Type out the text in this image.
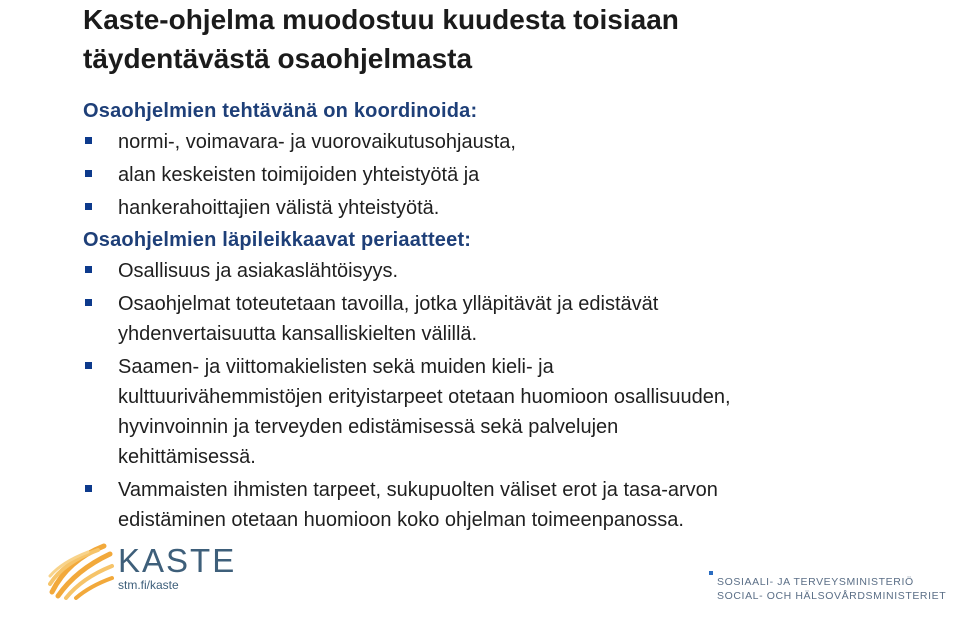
Kaste-ohjelma muodostuu kuudesta toisiaan
täydentävästä osaohjelmasta
Osaohjelmien tehtävänä on koordinoida:
normi-, voimavara- ja vuorovaikutusohjausta,
alan keskeisten toimijoiden yhteistyötä ja
hankerahoittajien välistä yhteistyötä.
Osaohjelmien läpileikkaavat periaatteet:
Osallisuus ja asiakaslähtöisyys.
Osaohjelmat toteutetaan tavoilla, jotka ylläpitävät ja edistävät
yhdenvertaisuutta kansalliskielten välillä.
Saamen- ja viittomakielisten sekä muiden kieli- ja
kulttuurivähemmistöjen erityistarpeet otetaan huomioon osallisuuden,
hyvinvoinnin ja terveyden edistämisessä sekä palvelujen
kehittämisessä.
Vammaisten ihmisten tarpeet, sukupuolten väliset erot ja tasa-arvon
edistäminen otetaan huomioon koko ohjelman toimeenpanossa.
KASTE
stm.fi/kaste	SOSIAALI- JA TERVEYSMINISTERIÖ
SOCIAL- OCH HÄLSOVÅRDSMINISTERIET
